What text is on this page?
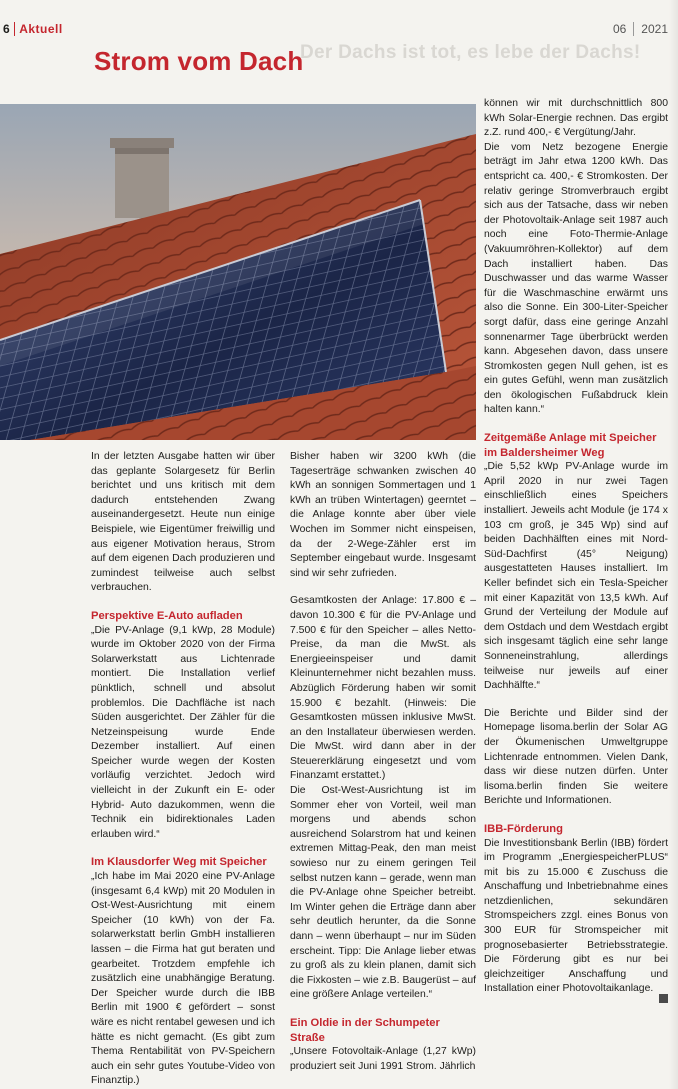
Der Dachs ist tot, es lebe der Dachs!
6 Aktuell	06 2021
Strom vom Dach

In der letzten Ausgabe hatten wir über das geplante Solargesetz für Berlin berichtet und uns kritisch mit dem dadurch entstehenden Zwang auseinandergesetzt. Heute nun einige Beispiele, wie Eigentümer freiwillig und aus eigener Motivation heraus, Strom auf dem eigenen Dach produzieren und zumindest teilweise auch selbst verbrauchen.

Perspektive E-Auto aufladen

„Die PV-Anlage (9,1 kWp, 28 Module) wurde im Oktober 2020 von der Firma Solarwerkstatt aus Lichtenrade montiert. Die Installation verlief pünktlich, schnell und absolut problemlos. Die Dachfläche ist nach Süden ausgerichtet. Der Zähler für die Netzeinspeisung wurde Ende Dezember installiert. Auf einen Speicher wurde wegen der Kosten vorläufig verzichtet. Jedoch wird vielleicht in der Zukunft ein E- oder Hybrid- Auto dazukommen, wenn die Technik ein bidirektionales Laden erlauben wird.“

Im Klausdorfer Weg mit Speicher

„Ich habe im Mai 2020 eine PV-Anlage (insgesamt 6,4 kWp) mit 20 Modulen in Ost-West-Ausrichtung mit einem Speicher (10 kWh) von der Fa. solarwerkstatt berlin GmbH installieren lassen – die Firma hat gut beraten und gearbeitet. Trotzdem empfehle ich zusätzlich eine unabhängige Beratung. Der Speicher wurde durch die IBB Berlin mit 1900 € gefördert – sonst wäre es nicht rentabel gewesen und ich hätte es nicht gemacht. (Es gibt zum Thema Rentabilität von PV-Speichern auch ein sehr gutes Youtube-Video von Finanztip.)

Bisher haben wir 3200 kWh (die Tageserträge schwanken zwischen 40 kWh an sonnigen Sommertagen und 1 kWh an trüben Wintertagen) geerntet – die Anlage konnte aber über viele Wochen im Sommer nicht einspeisen, da der 2-Wege-Zähler erst im September eingebaut wurde. Insgesamt sind wir sehr zufrieden.

Gesamtkosten der Anlage: 17.800 € – davon 10.300 € für die PV-Anlage und 7.500 € für den Speicher – alles Netto-Preise, da man die MwSt. als Energieeinspeiser und damit Kleinunternehmer nicht bezahlen muss. Abzüglich Förderung haben wir somit 15.900 € bezahlt. (Hinweis: Die Gesamtkosten müssen inklusive MwSt. an den Installateur überwiesen werden. Die MwSt. wird dann aber in der Steuererklärung eingesetzt und vom Finanzamt erstattet.)

Die Ost-West-Ausrichtung ist im Sommer eher von Vorteil, weil man morgens und abends schon ausreichend Solarstrom hat und keinen extremen Mittag-Peak, den man meist sowieso nur zu einem geringen Teil selbst nutzen kann – gerade, wenn man die PV-Anlage ohne Speicher betreibt. Im Winter gehen die Erträge dann aber sehr deutlich herunter, da die Sonne dann – wenn überhaupt – nur im Süden erscheint. Tipp: Die Anlage lieber etwas zu groß als zu klein planen, damit sich die Fixkosten – wie z.B. Baugerüst – auf eine größere Anlage verteilen.“

Ein Oldie in der Schumpeter Straße

„Unsere Fotovoltaik-Anlage (1,27 kWp) produziert seit Juni 1991 Strom. Jährlich

können wir mit durchschnittlich 800 kWh Solar-Energie rechnen. Das ergibt z.Z. rund 400,- € Vergütung/Jahr.

Die vom Netz bezogene Energie beträgt im Jahr etwa 1200 kWh. Das entspricht ca. 400,- € Stromkosten. Der relativ geringe Stromverbrauch ergibt sich aus der Tatsache, dass wir neben der Photovoltaik-Anlage seit 1987 auch noch eine Foto-Thermie-Anlage (Vakuumröhren-Kollektor) auf dem Dach installiert haben. Das Duschwasser und das warme Wasser für die Waschmaschine erwärmt uns also die Sonne. Ein 300-Liter-Speicher sorgt dafür, dass eine geringe Anzahl sonnenarmer Tage überbrückt werden kann. Abgesehen davon, dass unsere Stromkosten gegen Null gehen, ist es ein gutes Gefühl, wenn man zusätzlich den ökologischen Fußabdruck klein halten kann.“

Zeitgemäße Anlage mit Speicher im Baldersheimer Weg

„Die 5,52 kWp PV-Anlage wurde im April 2020 in nur zwei Tagen einschließlich eines Speichers installiert. Jeweils acht Module (je 174 x 103 cm groß, je 345 Wp) sind auf beiden Dachhälften eines mit Nord-Süd-Dachfirst (45° Neigung) ausgestatteten Hauses installiert. Im Keller befindet sich ein Tesla-Speicher mit einer Kapazität von 13,5 kWh. Auf Grund der Verteilung der Module auf dem Ostdach und dem Westdach ergibt sich insgesamt täglich eine sehr lange Sonneneinstrahlung, allerdings teilweise nur jeweils auf einer Dachhälfte.“

Die Berichte und Bilder sind der Homepage lisoma.berlin der Solar AG der Ökumenischen Umweltgruppe Lichtenrade entnommen. Vielen Dank, dass wir diese nutzen dürfen. Unter lisoma.berlin finden Sie weitere Berichte und Informationen.

IBB-Förderung

Die Investitionsbank Berlin (IBB) fördert im Programm „EnergiespeicherPLUS“ mit bis zu 15.000 € Zuschuss die Anschaffung und Inbetriebnahme eines netzdienlichen, sekundären Stromspeichers zzgl. eines Bonus von 300 EUR für Stromspeicher mit prognosebasierter Betriebsstrategie. Die Förderung gibt es nur bei gleichzeitiger Anschaffung und Installation einer Photovoltaikanlage.
